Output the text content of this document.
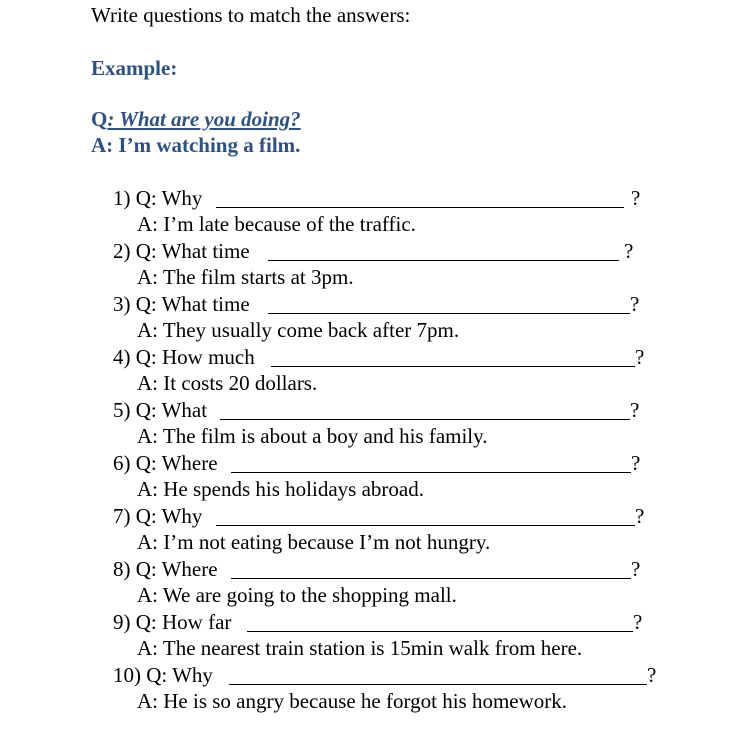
Write questions to match the answers:
Example:
Q: What are you doing?
A: I’m watching a film.
1) Q: Why	?
A: I’m late because of the traffic.
2) Q: What time	?
A: The film starts at 3pm.
3) Q: What time	?
A: They usually come back after 7pm.
4) Q: How much	?
A: It costs 20 dollars.
5) Q: What	?
A: The film is about a boy and his family.
6) Q: Where	?
A: He spends his holidays abroad.
7) Q: Why	?
A: I’m not eating because I’m not hungry.
8) Q: Where	?
A: We are going to the shopping mall.
9) Q: How far	?
A: The nearest train station is 15min walk from here.
10) Q: Why	?
A: He is so angry because he forgot his homework.
